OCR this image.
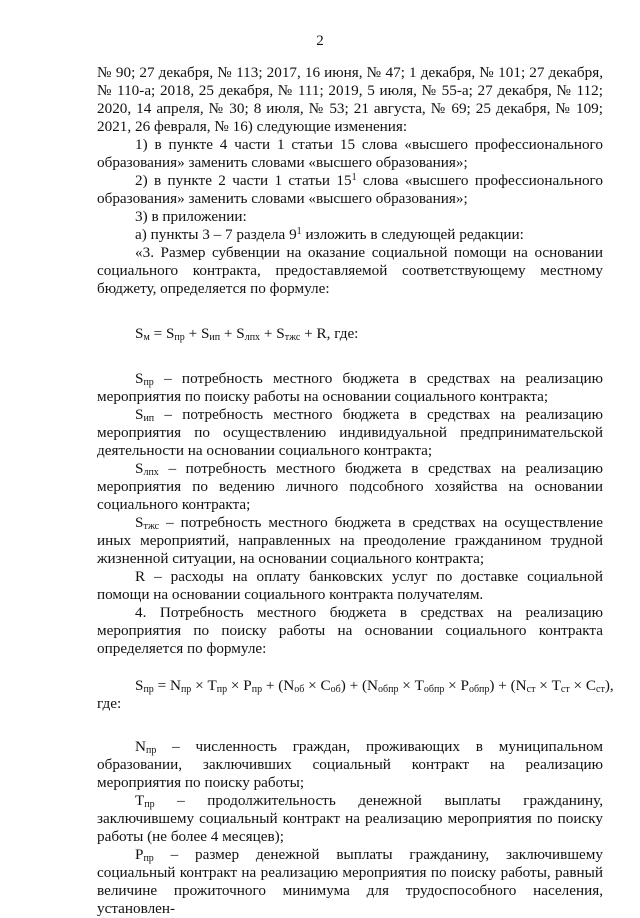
2

№ 90; 27 декабря, № 113; 2017, 16 июня, № 47; 1 декабря, № 101; 27 декабря, № 110-а; 2018, 25 декабря, № 111; 2019, 5 июля, № 55-а; 27 декабря, № 112; 2020, 14 апреля, № 30; 8 июля, № 53; 21 августа, № 69; 25 декабря, № 109; 2021, 26 февраля, № 16) следующие изменения:

1) в пункте 4 части 1 статьи 15 слова «высшего профессионального образования» заменить словами «высшего образования»;

2) в пункте 2 части 1 статьи $15^1$ слова «высшего профессионального образования» заменить словами «высшего образования»;

3) в приложении:

а) пункты 3 – 7 раздела $9^1$ изложить в следующей редакции:

«3. Размер субвенции на оказание социальной помощи на основании социального контракта, предоставляемой соответствующему местному бюджету, определяется по формуле:

$S_м = S_{пр} + S_{ип} + S_{лпх} + S_{тжс} + R$, где:

$S_{пр}$ – потребность местного бюджета в средствах на реализацию мероприятия по поиску работы на основании социального контракта;

$S_{ип}$ – потребность местного бюджета в средствах на реализацию мероприятия по осуществлению индивидуальной предпринимательской деятельности на основании социального контракта;

$S_{лпх}$ – потребность местного бюджета в средствах на реализацию мероприятия по ведению личного подсобного хозяйства на основании социального контракта;

$S_{тжс}$ – потребность местного бюджета в средствах на осуществление иных мероприятий, направленных на преодоление гражданином трудной жизненной ситуации, на основании социального контракта;

R – расходы на оплату банковских услуг по доставке социальной помощи на основании социального контракта получателям.

4. Потребность местного бюджета в средствах на реализацию мероприятия по поиску работы на основании социального контракта определяется по формуле:

$S_{пр} = N_{пр} \times T_{пр} \times P_{пр} + (N_{об} \times C_{об}) + (N_{обпр} \times T_{обпр} \times P_{обпр}) + (N_{ст} \times T_{ст} \times C_{ст})$,

где:

$N_{пр}$ – численность граждан, проживающих в муниципальном образовании, заключивших социальный контракт на реализацию мероприятия по поиску работы;

$T_{пр}$ – продолжительность денежной выплаты гражданину, заключившему социальный контракт на реализацию мероприятия по поиску работы (не более 4 месяцев);

$P_{пр}$ – размер денежной выплаты гражданину, заключившему социальный контракт на реализацию мероприятия по поиску работы, равный величине прожиточного минимума для трудоспособного населения, установлен-
